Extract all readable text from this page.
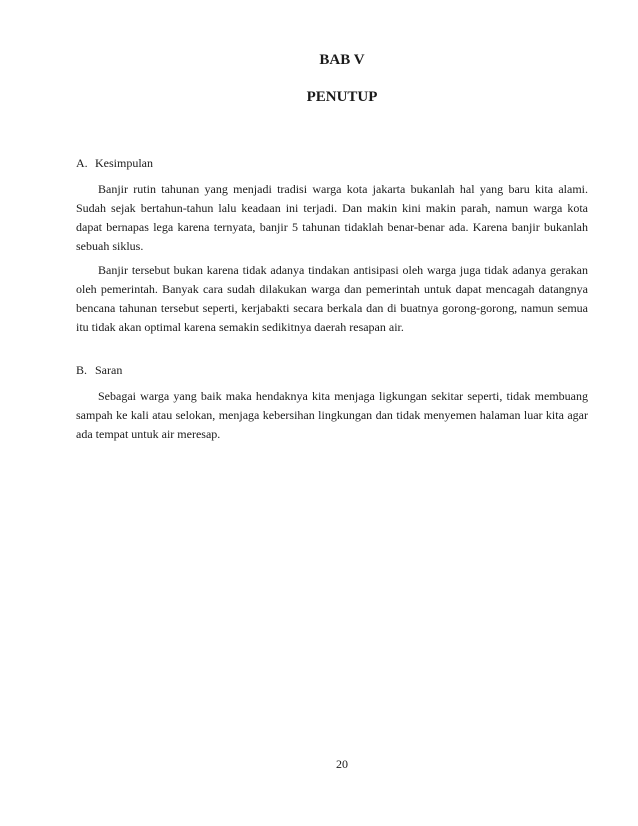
BAB V
PENUTUP
A. Kesimpulan

Banjir rutin tahunan yang menjadi tradisi warga kota jakarta bukanlah hal yang baru kita alami. Sudah sejak bertahun-tahun lalu keadaan ini terjadi. Dan makin kini makin parah, namun warga kota dapat bernapas lega karena ternyata, banjir 5 tahunan tidaklah benar-benar ada. Karena banjir bukanlah sebuah siklus.

Banjir tersebut bukan karena tidak adanya tindakan antisipasi oleh warga juga tidak adanya gerakan oleh pemerintah. Banyak cara sudah dilakukan warga dan pemerintah untuk dapat mencagah datangnya bencana tahunan tersebut seperti, kerjabakti secara berkala dan di buatnya gorong-gorong, namun semua itu tidak akan optimal karena semakin sedikitnya daerah resapan air.

B. Saran

Sebagai warga yang baik maka hendaknya kita menjaga ligkungan sekitar seperti, tidak membuang sampah ke kali atau selokan, menjaga kebersihan lingkungan dan tidak menyemen halaman luar kita agar ada tempat untuk air meresap.

20
